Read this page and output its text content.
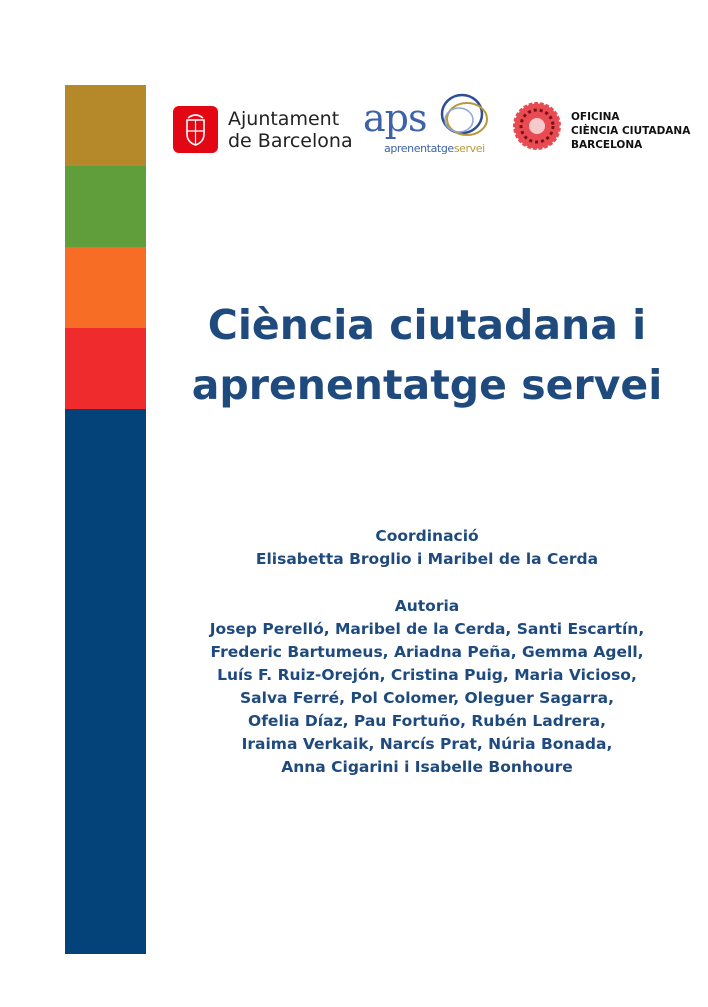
Ajuntament
de Barcelona
aps
aprenentatgeservei
OFICINA
CIÈNCIA CIUTADANA
BARCELONA
Ciència ciutadana i
aprenentatge servei
Coordinació
Elisabetta Broglio i Maribel de la Cerda
Autoria
Josep Perelló, Maribel de la Cerda, Santi Escartín,
Frederic Bartumeus, Ariadna Peña, Gemma Agell,
Luís F. Ruiz-Orejón, Cristina Puig, Maria Vicioso,
Salva Ferré, Pol Colomer, Oleguer Sagarra,
Ofelia Díaz, Pau Fortuño, Rubén Ladrera,
Iraima Verkaik, Narcís Prat, Núria Bonada,
Anna Cigarini i Isabelle Bonhoure
